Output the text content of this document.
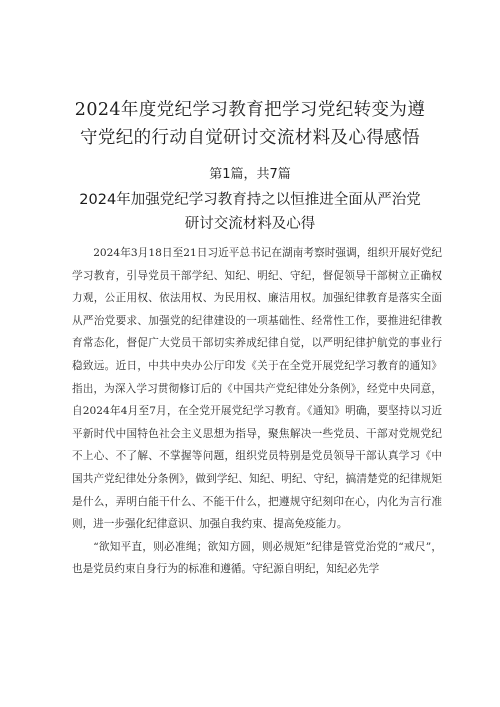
2024年度党纪学习教育把学习党纪转变为遵
守党纪的行动自觉研讨交流材料及心得感悟
第1篇，共7篇
2024年加强党纪学习教育持之以恒推进全面从严治党
研讨交流材料及心得

2024年3月18日至21日习近平总书记在湖南考察时强调，组织开展好党纪学习教育，引导党员干部学纪、知纪、明纪、守纪，督促领导干部树立正确权力观，公正用权、依法用权、为民用权、廉洁用权。加强纪律教育是落实全面从严治党要求、加强党的纪律建设的一项基础性、经常性工作，要推进纪律教育常态化，督促广大党员干部切实养成纪律自觉，以严明纪律护航党的事业行稳致远。近日，中共中央办公厅印发《关于在全党开展党纪学习教育的通知》指出，为深入学习贯彻修订后的《中国共产党纪律处分条例》，经党中央同意，自2024年4月至7月，在全党开展党纪学习教育。《通知》明确，要坚持以习近平新时代中国特色社会主义思想为指导，聚焦解决一些党员、干部对党规党纪不上心、不了解、不掌握等问题，组织党员特别是党员领导干部认真学习《中国共产党纪律处分条例》，做到学纪、知纪、明纪、守纪，搞清楚党的纪律规矩是什么，弄明白能干什么、不能干什么，把遵规守纪刻印在心，内化为言行准则，进一步强化纪律意识、加强自我约束、提高免疫能力。

“欲知平直，则必准绳；欲知方圆，则必规矩”纪律是管党治党的“戒尺”，也是党员约束自身行为的标准和遵循。守纪源自明纪，知纪必先学
